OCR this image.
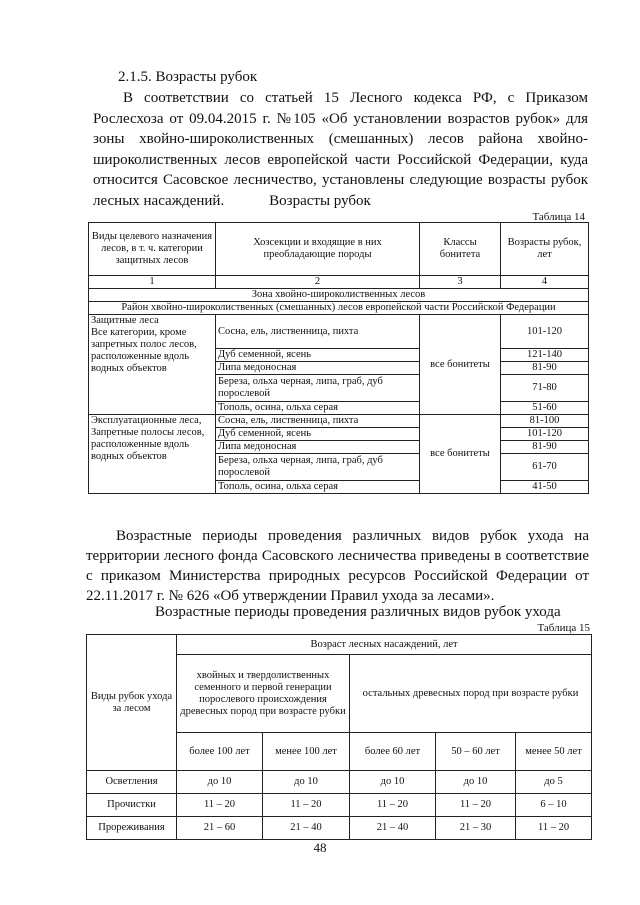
2.1.5. Возрасты рубок
В соответствии со статьей 15 Лесного кодекса РФ, с Приказом Рослесхоза от 09.04.2015 г. №105 «Об установлении возрастов рубок» для зоны хвойно-широколиственных (смешанных) лесов района хвойно-широколиственных лесов европейской части Российской Федерации, куда относится Сасовское лесничество, установлены следующие возрасты рубок лесных насаждений.	Возрасты рубок
Таблица 14
Виды целевого назначения лесов, в т. ч. категории защитных лесов	Хозсекции и входящие в них преобладающие породы	Классы бонитета	Возрасты рубок, лет
1	2	3	4
Зона хвойно-широколиственных лесов			
Район хвойно-широколиственных (смешанных) лесов европейской части Российской Федерации			
Защитные леса
Все категории, кроме запретных полос лесов, расположенные вдоль водных объектов	Сосна, ель, лиственница, пихта	все бонитеты	101-120
	Дуб семенной, ясень		121-140
	Липа медоносная		81-90
	Береза, ольха черная, липа, граб, дуб порослевой		71-80
	Тополь, осина, ольха серая		51-60
Эксплуатационные леса,
Запретные полосы лесов, расположенные вдоль водных объектов	Сосна, ель, лиственница, пихта	все бонитеты	81-100
	Дуб семенной, ясень		101-120
	Липа медоносная		81-90
	Береза, ольха черная, липа, граб, дуб порослевой		61-70
	Тополь, осина, ольха серая		41-50
Возрастные периоды проведения различных видов рубок ухода на территории лесного фонда Сасовского лесничества приведены в соответствие с приказом Министерства природных ресурсов Российской Федерации от 22.11.2017 г. № 626 «Об утверждении Правил ухода за лесами».
Возрастные периоды проведения различных видов рубок ухода
Таблица 15
Виды рубок ухода за лесом	Возраст лесных насаждений, лет				
	хвойных и твердолиственных семенного и первой генерации порослевого происхождения древесных пород при возрасте рубки		остальных древесных пород при возрасте рубки		
	более 100 лет	менее 100 лет	более 60 лет	50 – 60 лет	менее 50 лет
Осветления	до 10	до 10	до 10	до 10	до 5
Прочистки	11 – 20	11 – 20	11 – 20	11 – 20	6 – 10
Прореживания	21 – 60	21 – 40	21 – 40	21 – 30	11 – 20
48
